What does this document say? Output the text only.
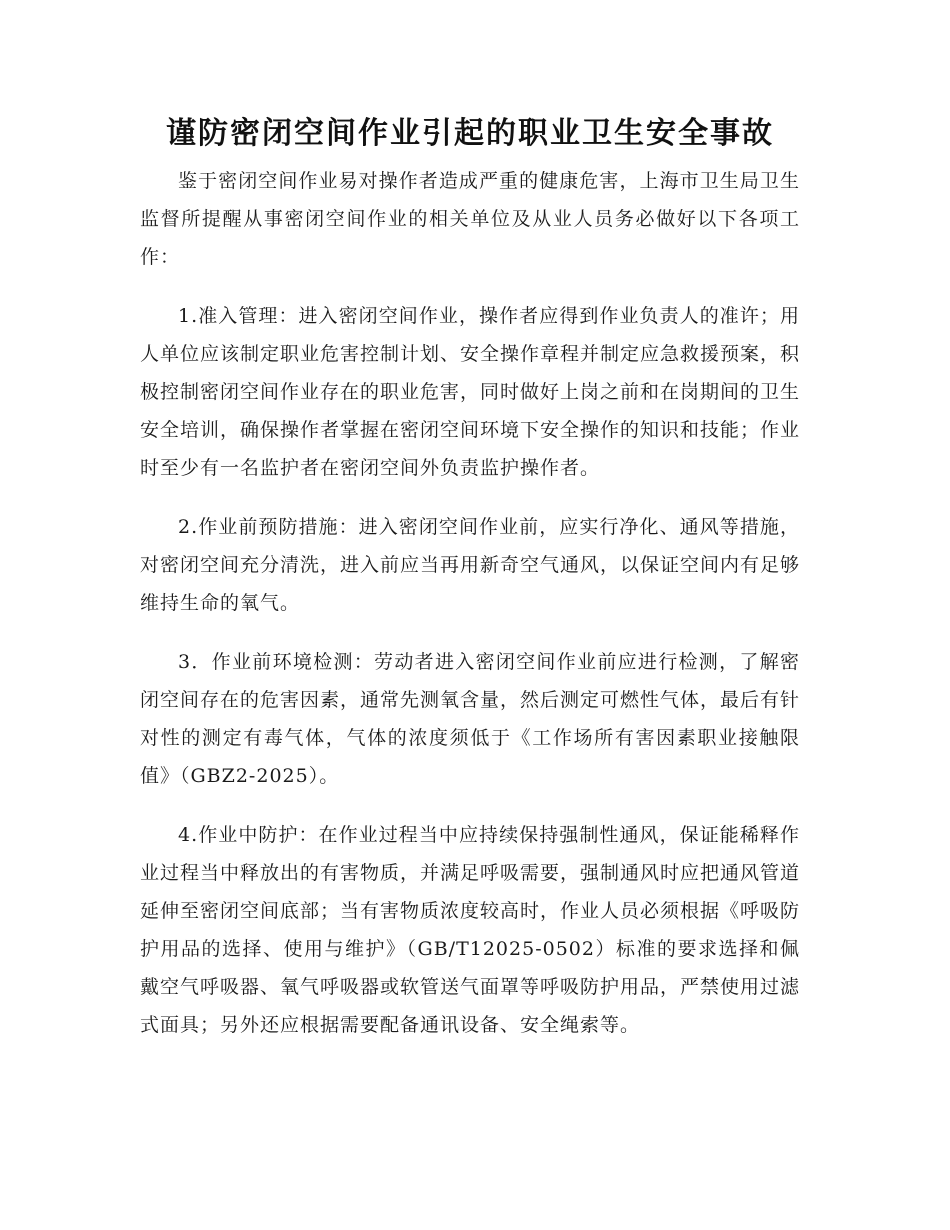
谨防密闭空间作业引起的职业卫生安全事故

鉴于密闭空间作业易对操作者造成严重的健康危害，上海市卫生局卫生监督所提醒从事密闭空间作业的相关单位及从业人员务必做好以下各项工作：

1.准入管理：进入密闭空间作业，操作者应得到作业负责人的准许；用人单位应该制定职业危害控制计划、安全操作章程并制定应急救援预案，积极控制密闭空间作业存在的职业危害，同时做好上岗之前和在岗期间的卫生安全培训，确保操作者掌握在密闭空间环境下安全操作的知识和技能；作业时至少有一名监护者在密闭空间外负责监护操作者。

2.作业前预防措施：进入密闭空间作业前，应实行净化、通风等措施，对密闭空间充分清洗，进入前应当再用新奇空气通风，以保证空间内有足够维持生命的氧气。

3．作业前环境检测：劳动者进入密闭空间作业前应进行检测，了解密闭空间存在的危害因素，通常先测氧含量，然后测定可燃性气体，最后有针对性的测定有毒气体，气体的浓度须低于《工作场所有害因素职业接触限值》（GBZ2-2025）。

4.作业中防护：在作业过程当中应持续保持强制性通风，保证能稀释作业过程当中释放出的有害物质，并满足呼吸需要，强制通风时应把通风管道延伸至密闭空间底部；当有害物质浓度较高时，作业人员必须根据《呼吸防护用品的选择、使用与维护》（GB/T12025-0502）标准的要求选择和佩戴空气呼吸器、氧气呼吸器或软管送气面罩等呼吸防护用品，严禁使用过滤式面具；另外还应根据需要配备通讯设备、安全绳索等。
